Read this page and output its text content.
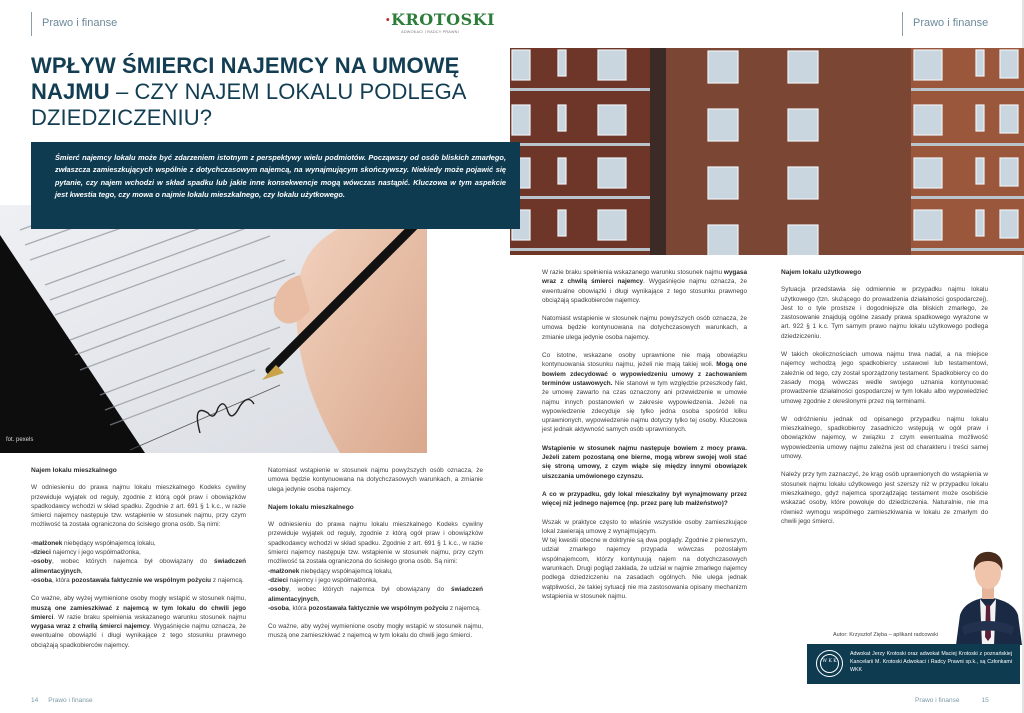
Prawo i finanse	·KROTOSKI
ADWOKACI I RADCY PRAWNI
WPŁYW ŚMIERCI NAJEMCY NA UMOWĘ NAJMU – CZY NAJEM LOKALU PODLEGA DZIEDZICZENIU?
fot. pexels

Śmierć najemcy lokalu może być zdarzeniem istotnym z perspektywy wielu podmiotów. Począwszy od osób bliskich zmarłego, zwłaszcza zamieszkujących wspólnie z dotychczasowym najemcą, na wynajmującym skończywszy. Niekiedy może pojawić się pytanie, czy najem wchodzi w skład spadku lub jakie inne konsekwencje mogą wówczas nastąpić. Kluczowa w tym aspekcie jest kwestia tego, czy mowa o najmie lokalu mieszkalnego, czy lokalu użytkowego.

Najem lokalu mieszkalnego

W odniesieniu do prawa najmu lokalu mieszkalnego Kodeks cywilny przewiduje wyjątek od reguły, zgodnie z którą ogół praw i obowiązków spadkodawcy wchodzi w skład spadku. Zgodnie z art. 691 § 1 k.c., w razie śmierci najemcy następuje tzw. wstąpienie w stosunek najmu, przy czym możliwość ta została ograniczona do ścisłego grona osób. Są nimi:

-małżonek niebędący współnajemcą lokalu,
-dzieci najemcy i jego współmałżonka,
-osoby, wobec których najemca był obowiązany do świadczeń alimentacyjnych,
-osoba, która pozostawała faktycznie we wspólnym pożyciu z najemcą.

Co ważne, aby wyżej wymienione osoby mogły wstąpić w stosunek najmu, muszą one zamieszkiwać z najemcą w tym lokalu do chwili jego śmierci. W razie braku spełnienia wskazanego warunku stosunek najmu wygasa wraz z chwilą śmierci najemcy. Wygaśnięcie najmu oznacza, że ewentualne obowiązki i długi wynikające z tego stosunku prawnego obciążają spadkobierców najemcy.

Natomiast wstąpienie w stosunek najmu powyższych osób oznacza, że umowa będzie kontynuowana na dotychczasowych warunkach, a zmianie ulega jedynie osoba najemcy.

Najem lokalu mieszkalnego

W odniesieniu do prawa najmu lokalu mieszkalnego Kodeks cywilny przewiduje wyjątek od reguły, zgodnie z którą ogół praw i obowiązków spadkodawcy wchodzi w skład spadku. Zgodnie z art. 691 § 1 k.c., w razie śmierci najemcy następuje tzw. wstąpienie w stosunek najmu, przy czym możliwość ta została ograniczona do ścisłego grona osób. Są nimi:

-małżonek niebędący współnajemcą lokalu,
-dzieci najemcy i jego współmałżonka,
-osoby, wobec których najemca był obowiązany do świadczeń alimentacyjnych,
-osoba, która pozostawała faktycznie we wspólnym pożyciu z najemcą.

Co ważne, aby wyżej wymienione osoby mogły wstąpić w stosunek najmu, muszą one zamieszkiwać z najemcą w tym lokalu do chwili jego śmierci.

14 Prawo i finanse
Prawo i finanse

W razie braku spełnienia wskazanego warunku stosunek najmu wygasa wraz z chwilą śmierci najemcy. Wygaśnięcie najmu oznacza, że ewentualne obowiązki i długi wynikające z tego stosunku prawnego obciążają spadkobierców najemcy.

Natomiast wstąpienie w stosunek najmu powyższych osób oznacza, że umowa będzie kontynuowana na dotychczasowych warunkach, a zmianie ulega jedynie osoba najemcy.

Co istotne, wskazane osoby uprawnione nie mają obowiązku kontynuowania stosunku najmu, jeżeli nie mają takiej woli. Mogą one bowiem zdecydować o wypowiedzeniu umowy z zachowaniem terminów ustawowych. Nie stanowi w tym względzie przeszkody fakt, że umowę zawarto na czas oznaczony ani przewidzenie w umowie najmu innych postanowień w zakresie wypowiedzenia. Jeżeli na wypowiedzenie zdecyduje się tylko jedna osoba spośród kilku uprawnionych, wypowiedzenie najmu dotyczy tylko tej osoby. Kluczowa jest jednak aktywność samych osób uprawnionych.

Wstąpienie w stosunek najmu następuje bowiem z mocy prawa. Jeżeli zatem pozostaną one bierne, mogą wbrew swojej woli stać się stroną umowy, z czym wiąże się między innymi obowiązek uiszczania umówionego czynszu.

A co w przypadku, gdy lokal mieszkalny był wynajmowany przez więcej niż jednego najemcę (np. przez parę lub małżeństwo)?

Wszak w praktyce często to właśnie wszystkie osoby zamieszkujące lokal zawierają umowę z wynajmującym.

W tej kwestii obecne w doktrynie są dwa poglądy. Zgodnie z pierwszym, udział zmarłego najemcy przypada wówczas pozostałym współnajemcom, którzy kontynuują najem na dotychczasowych warunkach. Drugi pogląd zakłada, że udział w najmie zmarłego najemcy podlega dziedziczeniu na zasadach ogólnych. Nie ulega jednak wątpliwości, że takiej sytuacji nie ma zastosowania opisany mechanizm wstąpienia w stosunek najmu.

Najem lokalu użytkowego

Sytuacja przedstawia się odmiennie w przypadku najmu lokalu użytkowego (tzn. służącego do prowadzenia działalności gospodarczej). Jest to o tyle prostsze i dogodniejsze dla bliskich zmarłego, że zastosowanie znajdują ogólne zasady prawa spadkowego wyrażone w art. 922 § 1 k.c. Tym samym prawo najmu lokalu użytkowego podlega dziedziczeniu.

W takich okolicznościach umowa najmu trwa nadal, a na miejsce najemcy wchodzą jego spadkobiercy ustawowi lub testamentowi, zależnie od tego, czy został sporządzony testament. Spadkobiercy co do zasady mogą wówczas wedle swojego uznania kontynuować prowadzenie działalności gospodarczej w tym lokalu albo wypowiedzieć umowę zgodnie z określonymi przez nią terminami.

W odróżnieniu jednak od opisanego przypadku najmu lokalu mieszkalnego, spadkobiercy zasadniczo wstępują w ogół praw i obowiązków najemcy, w związku z czym ewentualna możliwość wypowiedzenia umowy najmu zależna jest od charakteru i treści samej umowy.

Należy przy tym zaznaczyć, że krąg osób uprawnionych do wstąpienia w stosunek najmu lokalu użytkowego jest szerszy niż w przypadku lokalu mieszkalnego, gdyż najemca sporządzając testament może osobiście wskazać osoby, które powołuje do dziedziczenia. Naturalnie, nie ma również wymogu wspólnego zamieszkiwania w lokalu ze zmarłym do chwili jego śmierci.

Autor: Krzysztof Zięba – aplikant radcowski
W K K

Adwokat Jerzy Krotoski oraz adwokat Maciej Krotoski z poznańskiej Kancelarii M. Krotoski Adwokaci i Radcy Prawni sp.k., są Członkami WKK

Prawo i finanse	15
